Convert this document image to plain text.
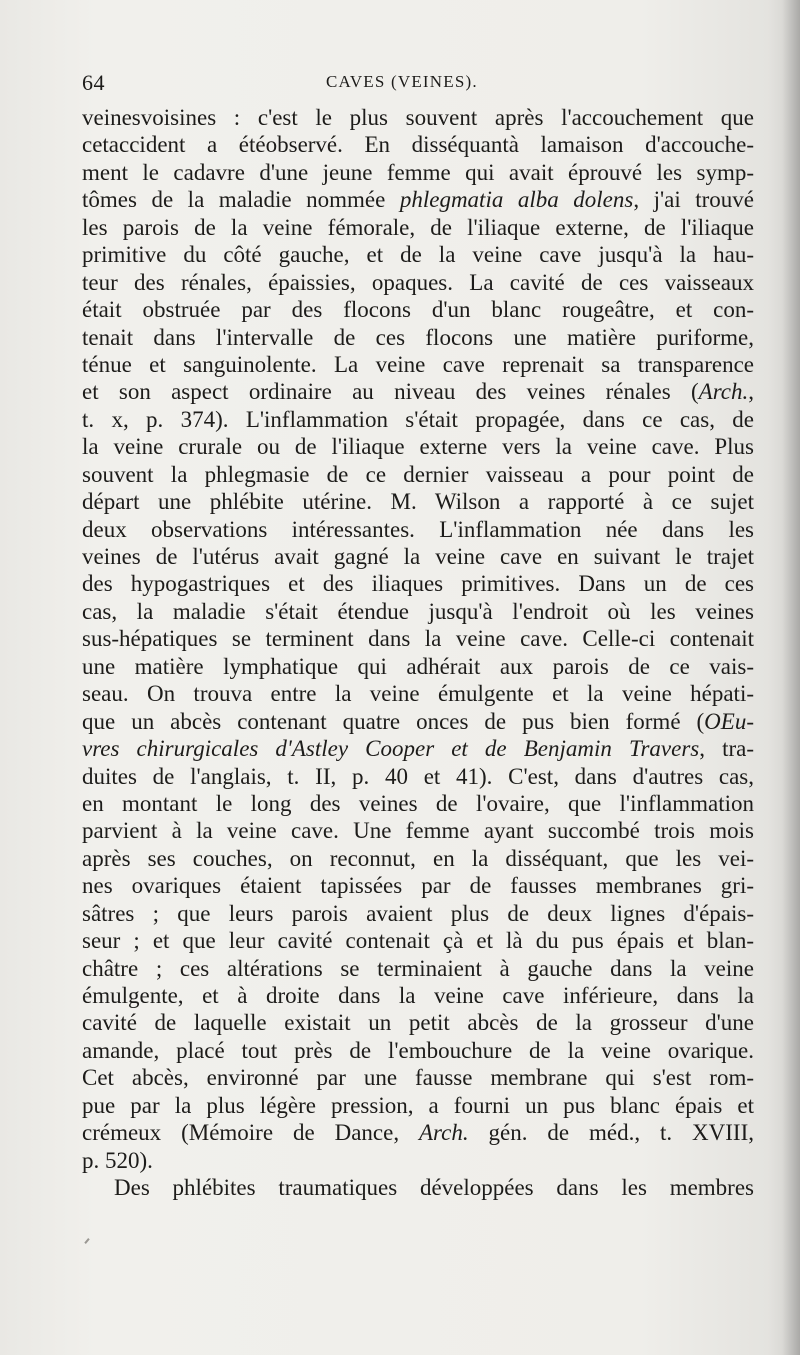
64	CAVES (VEINES).
veinesvoisines : c'est le plus souvent après l'accouchement que
cetaccident a étéobservé. En disséquantà lamaison d'accouche-
ment le cadavre d'une jeune femme qui avait éprouvé les symp-
tômes de la maladie nommée phlegmatia alba dolens, j'ai trouvé
les parois de la veine fémorale, de l'iliaque externe, de l'iliaque
primitive du côté gauche, et de la veine cave jusqu'à la hau-
teur des rénales, épaissies, opaques. La cavité de ces vaisseaux
était obstruée par des flocons d'un blanc rougeâtre, et con-
tenait dans l'intervalle de ces flocons une matière puriforme,
ténue et sanguinolente. La veine cave reprenait sa transparence
et son aspect ordinaire au niveau des veines rénales (Arch.,
t. x, p. 374). L'inflammation s'était propagée, dans ce cas, de
la veine crurale ou de l'iliaque externe vers la veine cave. Plus
souvent la phlegmasie de ce dernier vaisseau a pour point de
départ une phlébite utérine. M. Wilson a rapporté à ce sujet
deux observations intéressantes. L'inflammation née dans les
veines de l'utérus avait gagné la veine cave en suivant le trajet
des hypogastriques et des iliaques primitives. Dans un de ces
cas, la maladie s'était étendue jusqu'à l'endroit où les veines
sus-hépatiques se terminent dans la veine cave. Celle-ci contenait
une matière lymphatique qui adhérait aux parois de ce vais-
seau. On trouva entre la veine émulgente et la veine hépati-
que un abcès contenant quatre onces de pus bien formé (OEu-
vres chirurgicales d'Astley Cooper et de Benjamin Travers, tra-
duites de l'anglais, t. II, p. 40 et 41). C'est, dans d'autres cas,
en montant le long des veines de l'ovaire, que l'inflammation
parvient à la veine cave. Une femme ayant succombé trois mois
après ses couches, on reconnut, en la disséquant, que les vei-
nes ovariques étaient tapissées par de fausses membranes gri-
sâtres ; que leurs parois avaient plus de deux lignes d'épais-
seur ; et que leur cavité contenait çà et là du pus épais et blan-
châtre ; ces altérations se terminaient à gauche dans la veine
émulgente, et à droite dans la veine cave inférieure, dans la
cavité de laquelle existait un petit abcès de la grosseur d'une
amande, placé tout près de l'embouchure de la veine ovarique.
Cet abcès, environné par une fausse membrane qui s'est rom-
pue par la plus légère pression, a fourni un pus blanc épais et
crémeux (Mémoire de Dance, Arch. gén. de méd., t. XVIII,
p. 520).
Des phlébites traumatiques développées dans les membres
